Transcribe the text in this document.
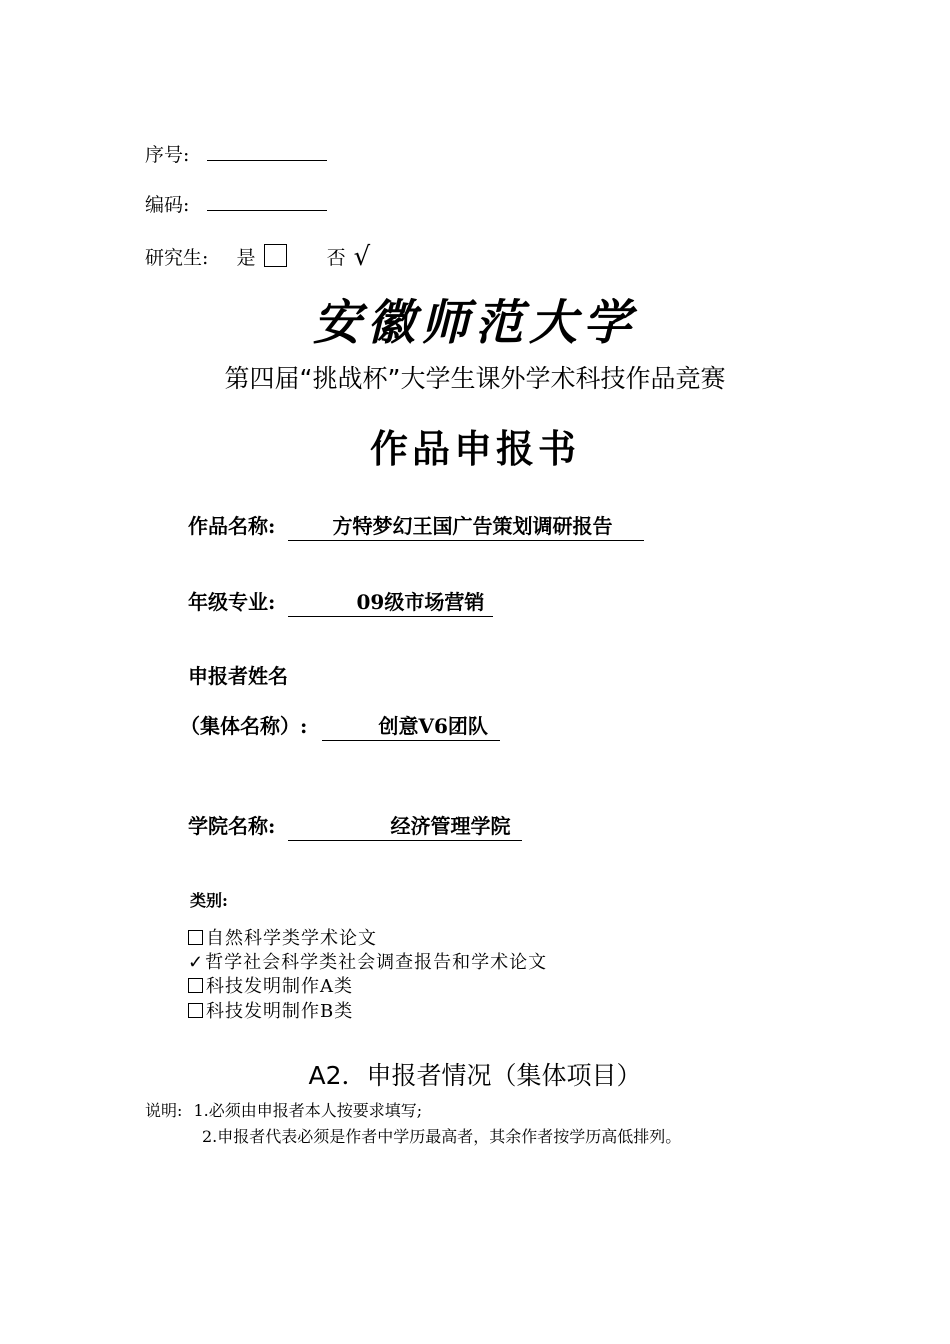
序号:
编码:
研究生: 是	否 √
安徽师范大学
第四届“挑战杯”大学生课外学术科技作品竞赛
作品申报书
作品名称:	方特梦幻王国广告策划调研报告
年级专业:	09级市场营销
申报者姓名
（集体名称）:	创意V6团队
学院名称:	经济管理学院
类别:
自然科学类学术论文
✓哲学社会科学类社会调查报告和学术论文
科技发明制作A类
科技发明制作B类
A2．申报者情况（集体项目）
说明: 1.必须由申报者本人按要求填写;
2.申报者代表必须是作者中学历最高者，其余作者按学历高低排列。
